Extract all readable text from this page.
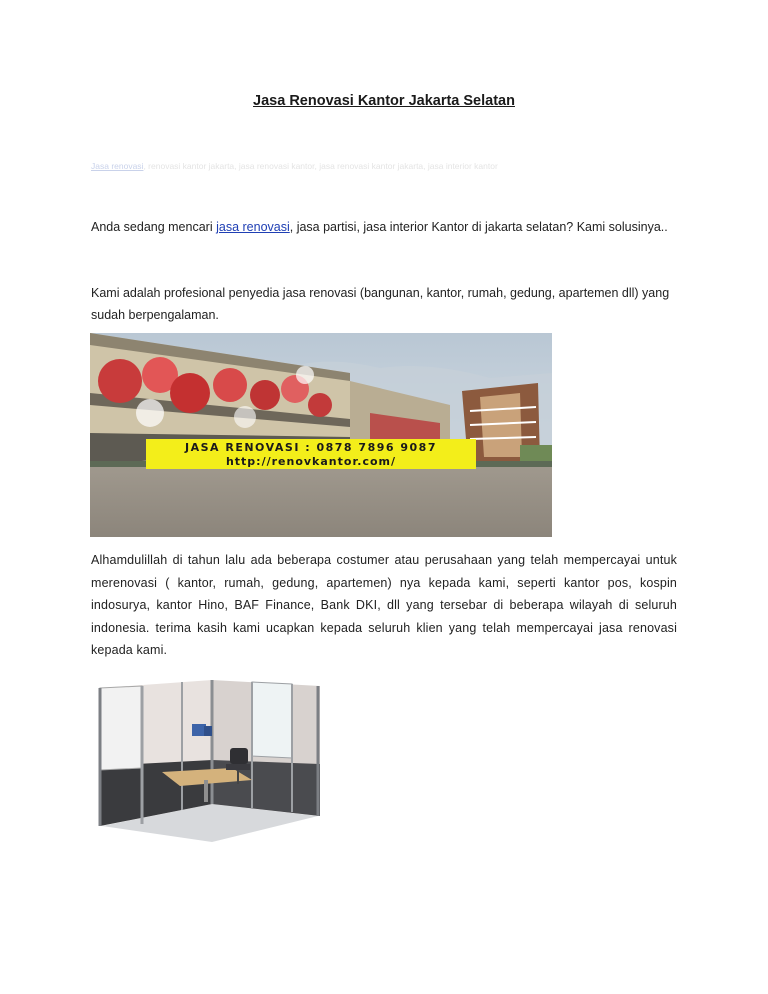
Jasa Renovasi Kantor Jakarta Selatan
Jasa renovasi, renovasi kantor jakarta, jasa renovasi kantor, jasa renovasi kantor jakarta, jasa interior kantor
Anda sedang mencari jasa renovasi, jasa partisi, jasa interior Kantor di jakarta selatan? Kami solusinya..
Kami adalah profesional penyedia jasa renovasi (bangunan, kantor, rumah, gedung, apartemen dll) yang sudah berpengalaman.
JASA RENOVASI : 0878 7896 9087
http://renovkantor.com/
Alhamdulillah di tahun lalu ada beberapa costumer atau perusahaan yang telah mempercayai untuk merenovasi ( kantor, rumah, gedung, apartemen) nya kepada kami, seperti kantor pos, kospin indosurya, kantor Hino, BAF Finance, Bank DKI, dll yang tersebar di beberapa wilayah di seluruh indonesia. terima kasih kami ucapkan kepada seluruh klien yang telah mempercayai jasa renovasi kepada kami.
